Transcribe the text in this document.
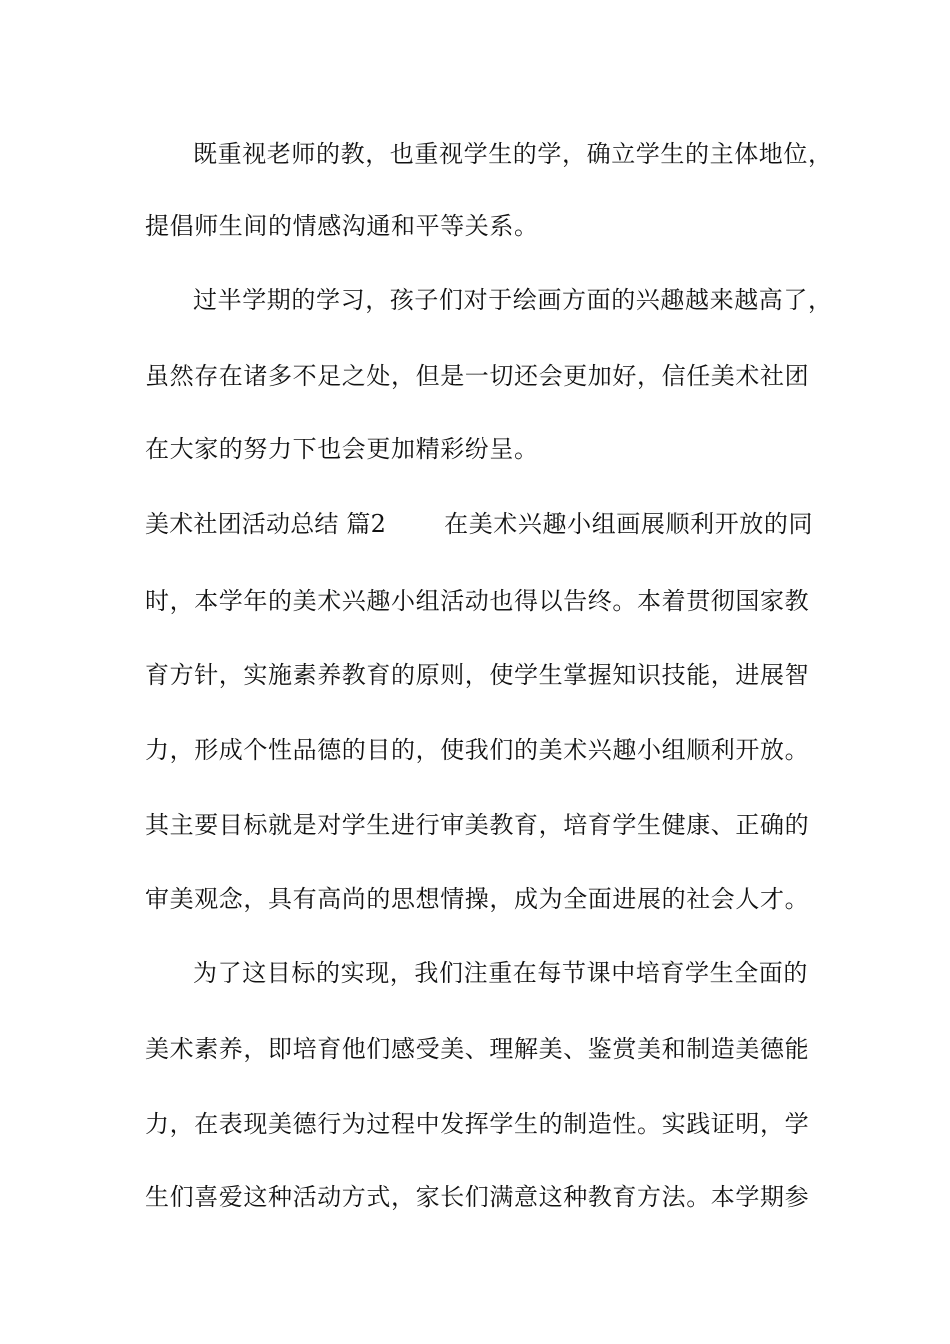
既重视老师的教，也重视学生的学，确立学生的主体地位，
提倡师生间的情感沟通和平等关系。
过半学期的学习，孩子们对于绘画方面的兴趣越来越高了，
虽然存在诸多不足之处，但是一切还会更加好，信任美术社团
在大家的努力下也会更加精彩纷呈。
美术社团活动总结 篇2 在美术兴趣小组画展顺利开放的同
时，本学年的美术兴趣小组活动也得以告终。本着贯彻国家教
育方针，实施素养教育的原则，使学生掌握知识技能，进展智
力，形成个性品德的目的，使我们的美术兴趣小组顺利开放。
其主要目标就是对学生进行审美教育，培育学生健康、正确的
审美观念，具有高尚的思想情操，成为全面进展的社会人才。
为了这目标的实现，我们注重在每节课中培育学生全面的
美术素养，即培育他们感受美、理解美、鉴赏美和制造美德能
力，在表现美德行为过程中发挥学生的制造性。实践证明，学
生们喜爱这种活动方式，家长们满意这种教育方法。本学期参
